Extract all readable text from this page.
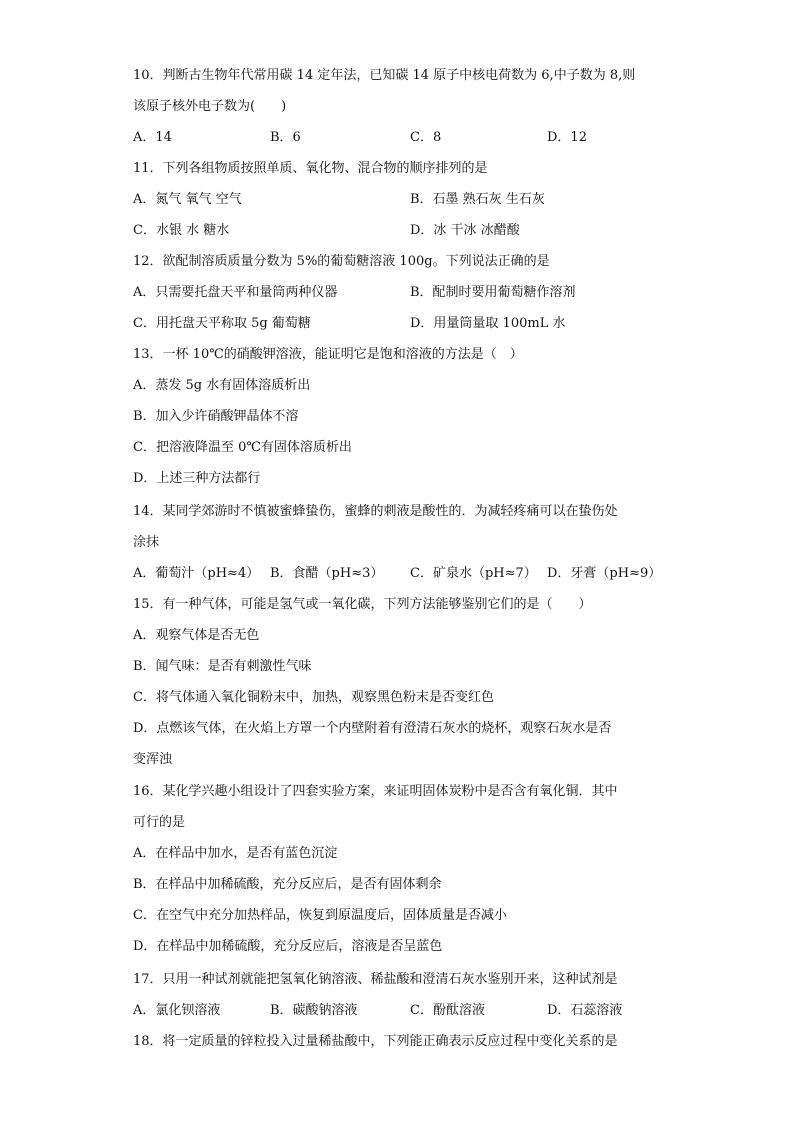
10．判断古生物年代常用碳 14 定年法，已知碳 14 原子中核电荷数为 6,中子数为 8,则
该原子核外电子数为(　　)
A．14	B．6	C．8	D．12
11．下列各组物质按照单质、氧化物、混合物的顺序排列的是
A．氮气 氧气 空气	B．石墨 熟石灰 生石灰
C．水银 水 糖水	D．冰 干冰 冰醋酸
12．欲配制溶质质量分数为 5%的葡萄糖溶液 100g。下列说法正确的是
A．只需要托盘天平和量筒两种仪器	B．配制时要用葡萄糖作溶剂
C．用托盘天平称取 5g 葡萄糖	D．用量筒量取 100mL 水
13．一杯 10℃的硝酸钾溶液，能证明它是饱和溶液的方法是（　）
A．蒸发 5g 水有固体溶质析出
B．加入少许硝酸钾晶体不溶
C．把溶液降温至 0℃有固体溶质析出
D．上述三种方法都行
14．某同学郊游时不慎被蜜蜂蛰伤，蜜蜂的刺液是酸性的．为减轻疼痛可以在蛰伤处
涂抹
A．葡萄汁（pH≈4） B．食醋（pH≈3） C．矿泉水（pH≈7） D．牙膏（pH≈9）
15．有一种气体，可能是氢气或一氧化碳，下列方法能够鉴别它们的是（　　）
A．观察气体是否无色
B．闻气味：是否有刺激性气味
C．将气体通入氧化铜粉末中，加热，观察黑色粉末是否变红色
D．点燃该气体，在火焰上方罩一个内壁附着有澄清石灰水的烧杯，观察石灰水是否
变浑浊
16．某化学兴趣小组设计了四套实验方案，来证明固体炭粉中是否含有氧化铜．其中
可行的是
A．在样品中加水，是否有蓝色沉淀
B．在样品中加稀硫酸，充分反应后，是否有固体剩余
C．在空气中充分加热样品，恢复到原温度后，固体质量是否减小
D．在样品中加稀硫酸，充分反应后，溶液是否呈蓝色
17．只用一种试剂就能把氢氧化钠溶液、稀盐酸和澄清石灰水鉴别开来，这种试剂是
A．氯化钡溶液	B．碳酸钠溶液	C．酚酞溶液	D．石蕊溶液
18．将一定质量的锌粒投入过量稀盐酸中，下列能正确表示反应过程中变化关系的是
